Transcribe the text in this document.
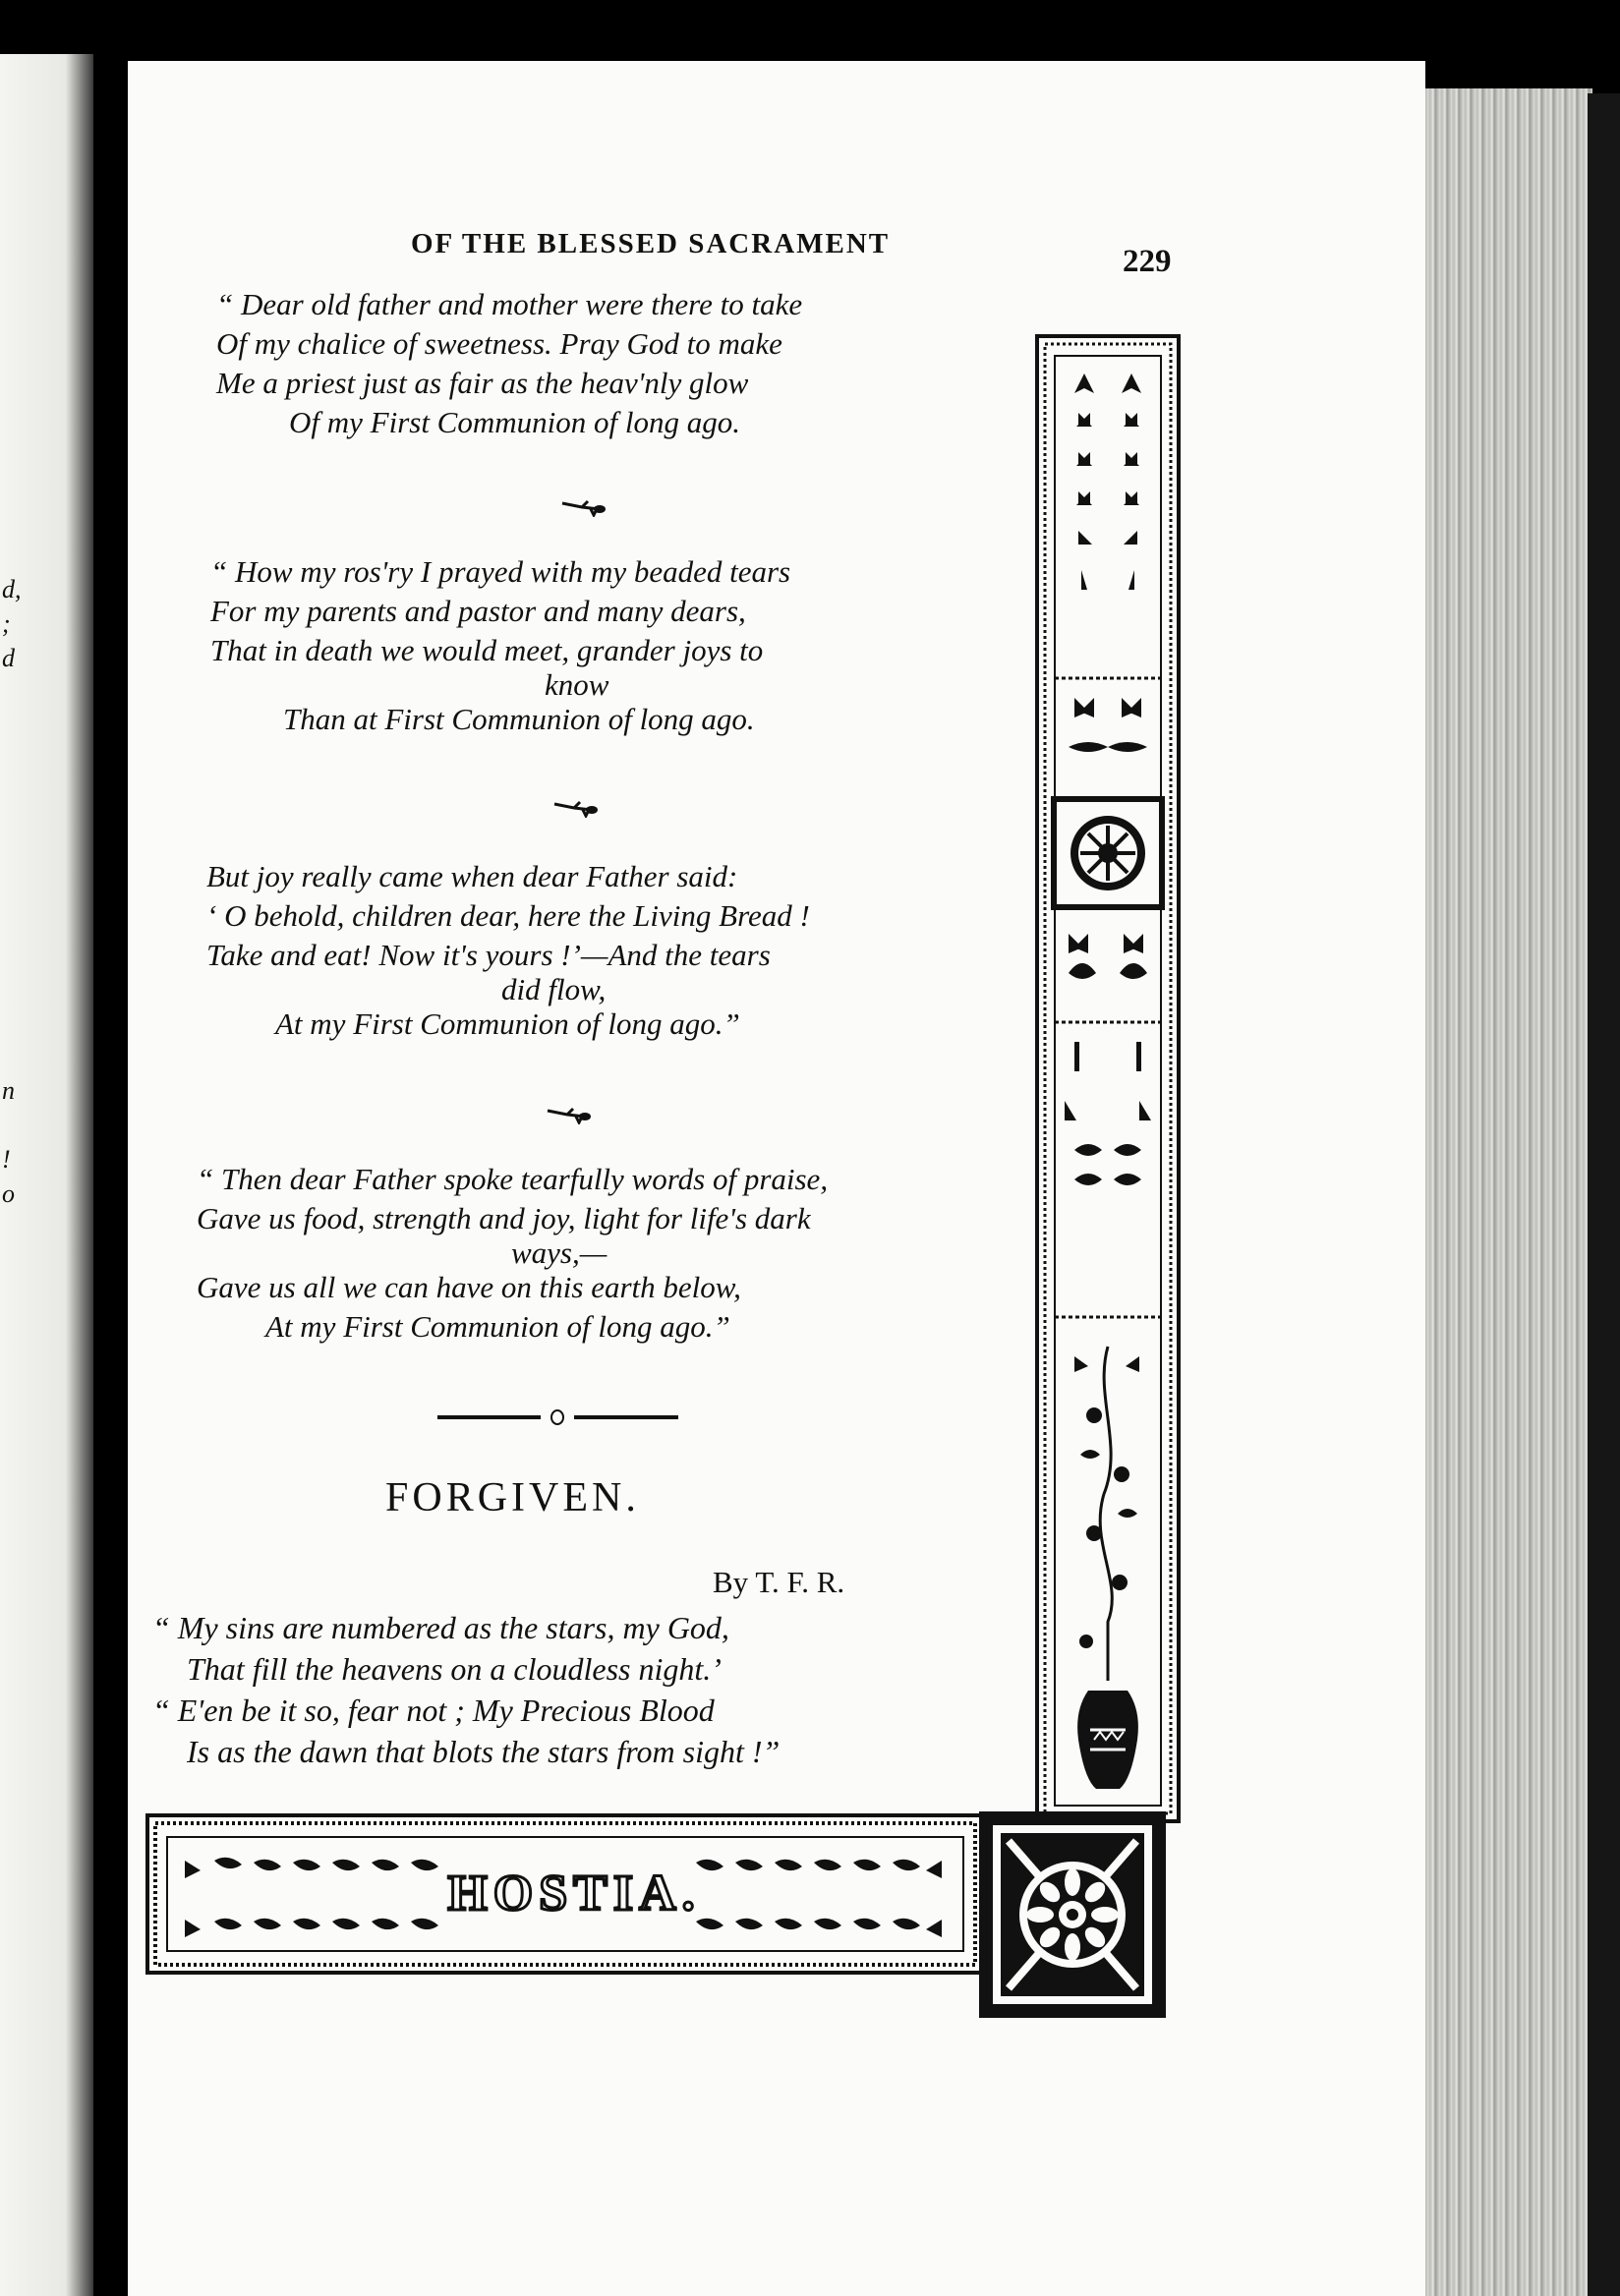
d,
;
d
n
!
o
OF THE BLESSED SACRAMENT	229
“ Dear old father and mother were there to take
Of my chalice of sweetness. Pray God to make
Me a priest just as fair as the heav'nly glow
Of my First Communion of long ago.
“ How my ros'ry I prayed with my beaded tears
For my parents and pastor and many dears,
That in death we would meet, grander joys to
know
Than at First Communion of long ago.
But joy really came when dear Father said:
‘ O behold, children dear, here the Living Bread !
Take and eat! Now it's yours !’—And the tears
did flow,
At my First Communion of long ago.”
“ Then dear Father spoke tearfully words of praise,
Gave us food, strength and joy, light for life's dark
ways,—
Gave us all we can have on this earth below,
At my First Communion of long ago.”
FORGIVEN.
By T. F. R.
“ My sins are numbered as the stars, my God,
That fill the heavens on a cloudless night.’
“ E'en be it so, fear not ; My Precious Blood
Is as the dawn that blots the stars from sight !”
HOSTIA.
